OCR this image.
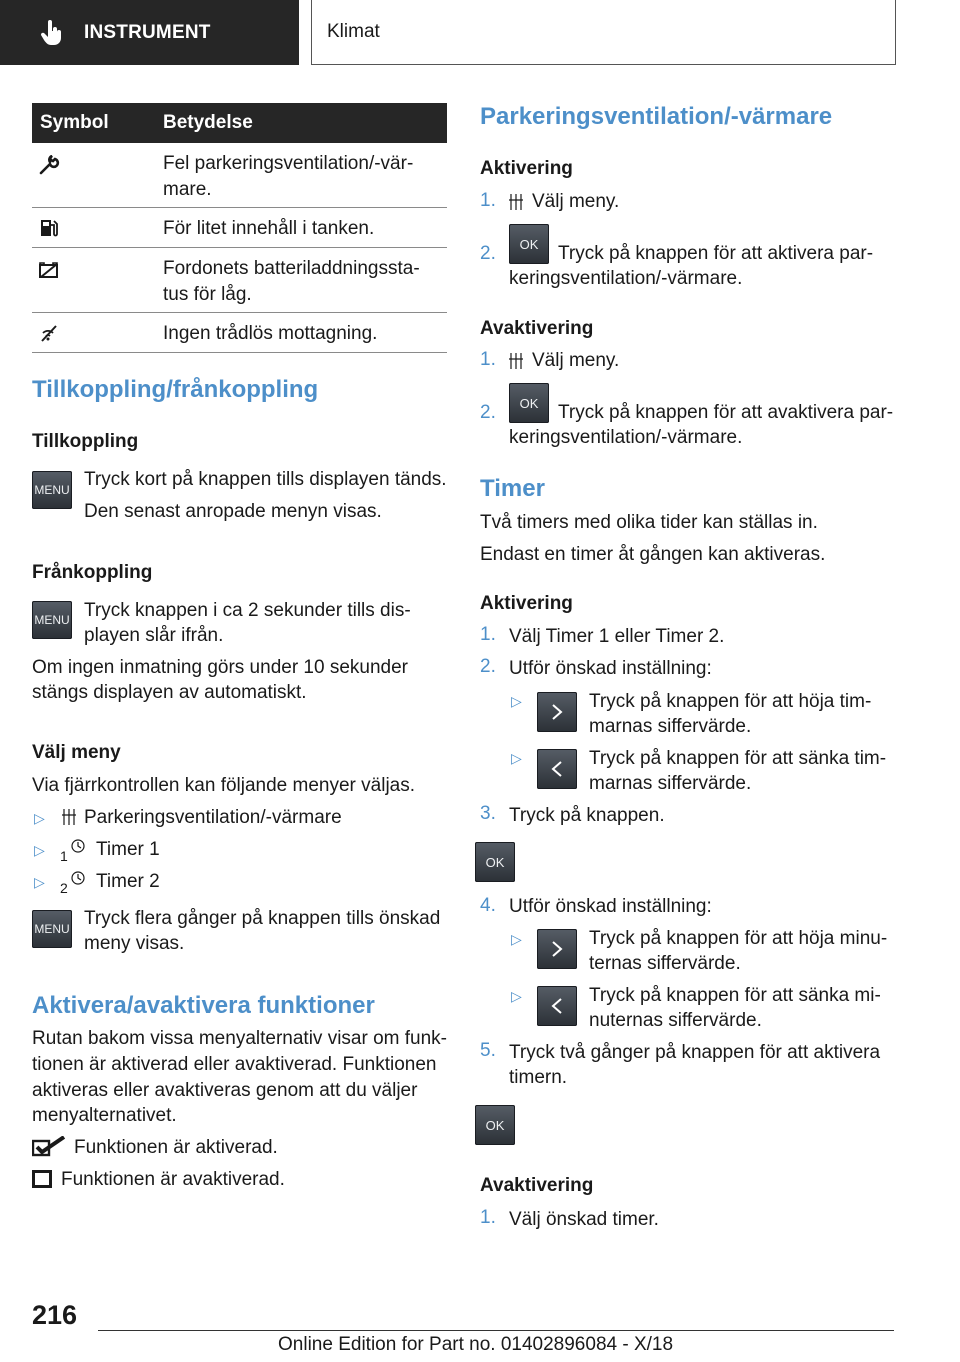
INSTRUMENT	Klimat
Symbol	Betydelse
Fel parkeringsventilation/-vär-
mare.
För litet innehåll i tanken.
Fordonets batteriladdningssta-
tus för låg.
Ingen trådlös mottagning.
Tillkoppling/frånkoppling
Tillkoppling
MENU Tryck kort på knappen tills displayen tänds.
Den senast anropade menyn visas.
Frånkoppling
MENU Tryck knappen i ca 2 sekunder tills dis-
playen slår ifrån.
Om ingen inmatning görs under 10 sekunder
stängs displayen av automatiskt.
Välj meny
Via fjärrkontrollen kan följande menyer väljas.
▷ Parkeringsventilation/-värmare
▷ 1 Timer 1
▷ 2 Timer 2
MENU Tryck flera gånger på knappen tills önskad
meny visas.
Aktivera/avaktivera funktioner
Rutan bakom vissa menyalternativ visar om funk-
tionen är aktiverad eller avaktiverad. Funktionen
aktiveras eller avaktiveras genom att du väljer
menyalternativet.
Funktionen är aktiverad.
Funktionen är avaktiverad.
Parkeringsventilation/-värmare
Aktivering
1. Välj meny.
2. OK Tryck på knappen för att aktivera par-
keringsventilation/-värmare.
Avaktivering
1. Välj meny.
2. OK Tryck på knappen för att avaktivera par-
keringsventilation/-värmare.
Timer
Två timers med olika tider kan ställas in.
Endast en timer åt gången kan aktiveras.
Aktivering
1. Välj Timer 1 eller Timer 2.
2. Utför önskad inställning:
▷	Tryck på knappen för att höja tim-
marnas siffervärde.
▷	Tryck på knappen för att sänka tim-
marnas siffervärde.
3. Tryck på knappen.
OK
4. Utför önskad inställning:
▷	Tryck på knappen för att höja minu-
ternas siffervärde.
▷	Tryck på knappen för att sänka mi-
nuternas siffervärde.
5. Tryck två gånger på knappen för att aktivera
timern.
OK
Avaktivering
1. Välj önskad timer.
216
Online Edition for Part no. 01402896084 - X/18
